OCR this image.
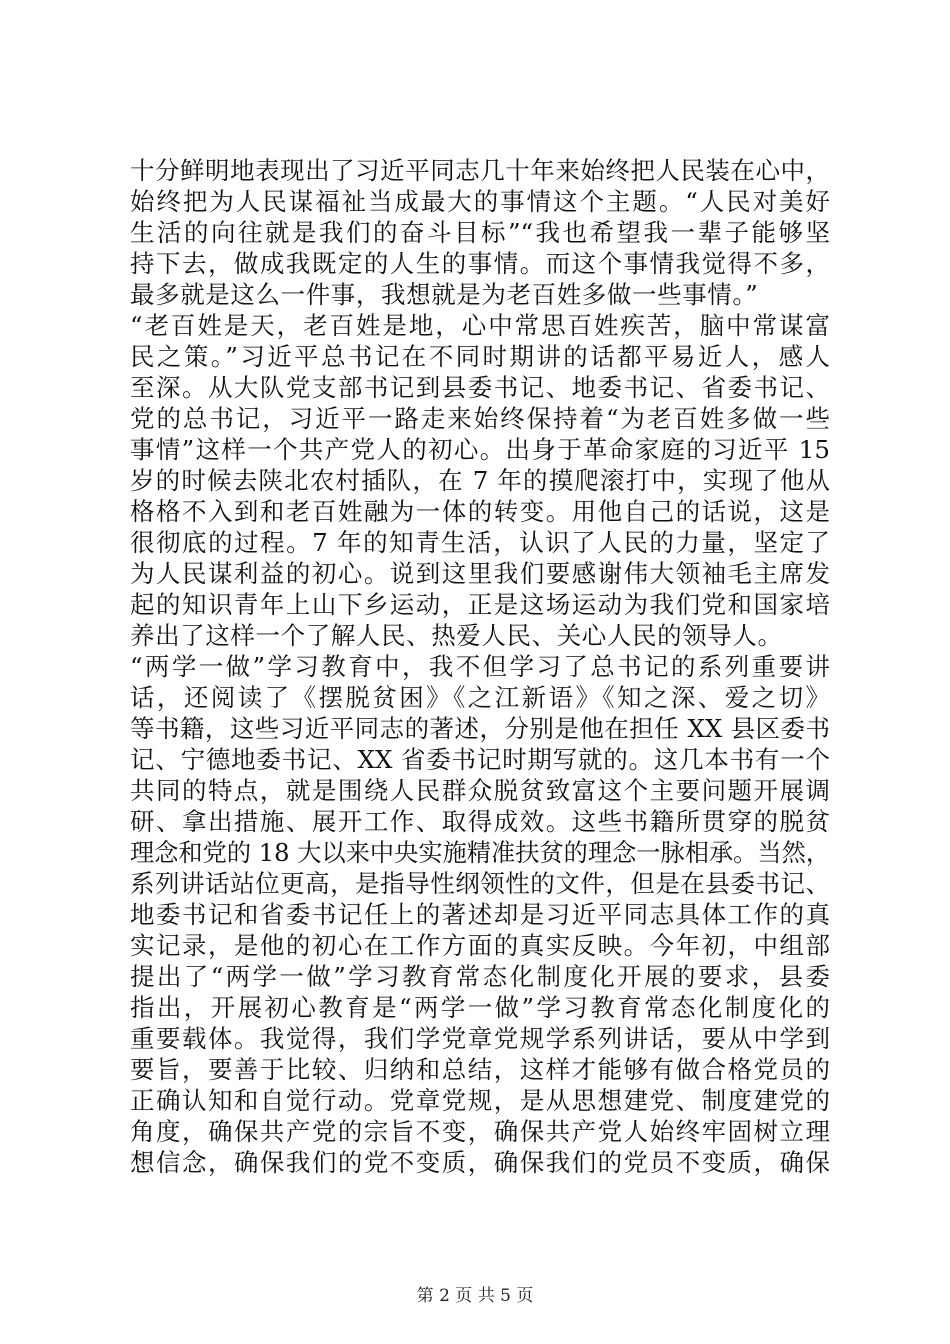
十分鲜明地表现出了习近平同志几十年来始终把人民装在心中，
始终把为人民谋福祉当成最大的事情这个主题。“人民对美好
生活的向往就是我们的奋斗目标”“我也希望我一辈子能够坚
持下去，做成我既定的人生的事情。而这个事情我觉得不多，
最多就是这么一件事，我想就是为老百姓多做一些事情。”
“老百姓是天，老百姓是地，心中常思百姓疾苦，脑中常谋富
民之策。”习近平总书记在不同时期讲的话都平易近人，感人
至深。从大队党支部书记到县委书记、地委书记、省委书记、
党的总书记，习近平一路走来始终保持着“为老百姓多做一些
事情”这样一个共产党人的初心。出身于革命家庭的习近平 15
岁的时候去陕北农村插队，在 7 年的摸爬滚打中，实现了他从
格格不入到和老百姓融为一体的转变。用他自己的话说，这是
很彻底的过程。7 年的知青生活，认识了人民的力量，坚定了
为人民谋利益的初心。说到这里我们要感谢伟大领袖毛主席发
起的知识青年上山下乡运动，正是这场运动为我们党和国家培
养出了这样一个了解人民、热爱人民、关心人民的领导人。
“两学一做”学习教育中，我不但学习了总书记的系列重要讲
话，还阅读了《摆脱贫困》《之江新语》《知之深、爱之切》
等书籍，这些习近平同志的著述，分别是他在担任 XX 县区委书
记、宁德地委书记、XX 省委书记时期写就的。这几本书有一个
共同的特点，就是围绕人民群众脱贫致富这个主要问题开展调
研、拿出措施、展开工作、取得成效。这些书籍所贯穿的脱贫
理念和党的 18 大以来中央实施精准扶贫的理念一脉相承。当然，
系列讲话站位更高，是指导性纲领性的文件，但是在县委书记、
地委书记和省委书记任上的著述却是习近平同志具体工作的真
实记录，是他的初心在工作方面的真实反映。今年初，中组部
提出了“两学一做”学习教育常态化制度化开展的要求，县委
指出，开展初心教育是“两学一做”学习教育常态化制度化的
重要载体。我觉得，我们学党章党规学系列讲话，要从中学到
要旨，要善于比较、归纳和总结，这样才能够有做合格党员的
正确认知和自觉行动。党章党规，是从思想建党、制度建党的
角度，确保共产党的宗旨不变，确保共产党人始终牢固树立理
想信念，确保我们的党不变质，确保我们的党员不变质，确保
第 2 页 共 5 页
